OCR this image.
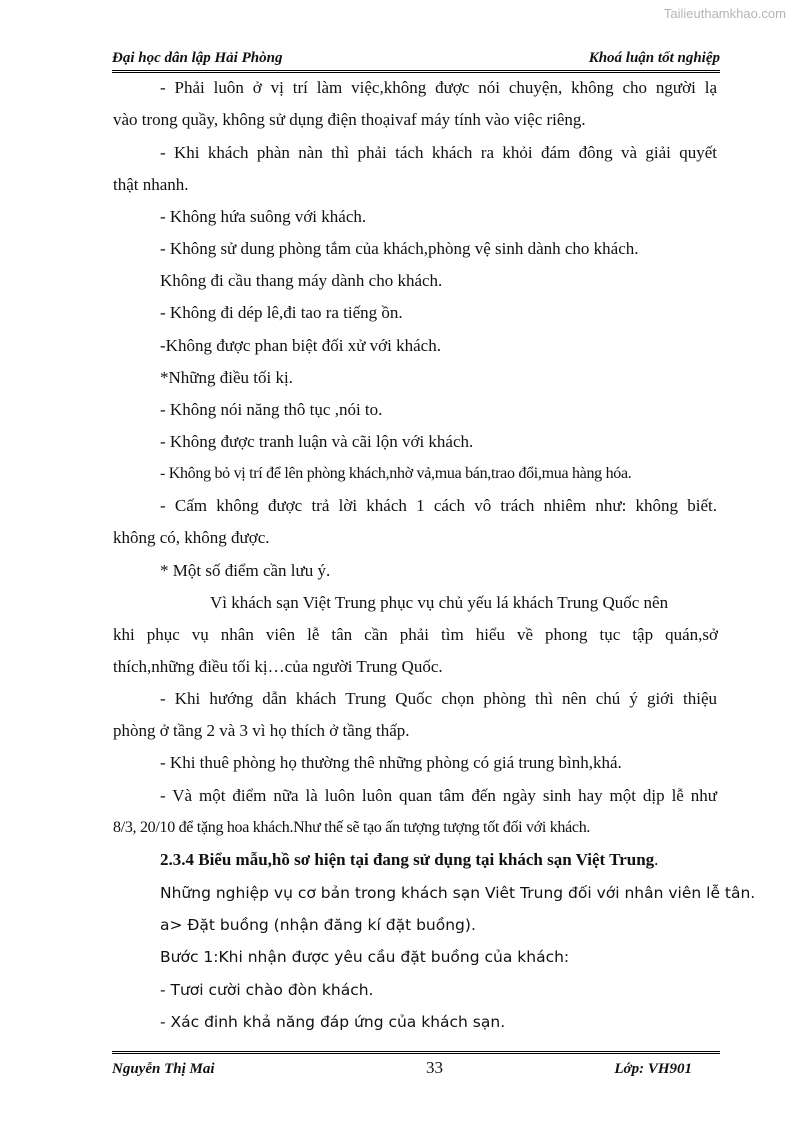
Tailieuthamkhao.com
Đại học dân lập Hải Phòng	Khoá luận tốt nghiệp
- Phải luôn ở vị trí làm việc,không được nói chuyện, không cho người lạ
vào trong quầy, không sử dụng điện thoạivaf máy tính vào việc riêng.
- Khi khách phàn nàn thì phải tách khách ra khỏi đám đông và giải quyết
thật nhanh.
- Không hứa suông với khách.
- Không sử dung phòng tắm của khách,phòng vệ sinh dành cho khách.
Không đi cầu thang máy dành cho khách.
- Không đi dép lê,đi tao ra tiếng ồn.
-Không được phan biệt đối xử với khách.
*Những điều tối kị.
- Không nói năng thô tục ,nói to.
- Không được tranh luận và cãi lộn với khách.
- Không bỏ vị trí để lên phòng khách,nhờ vả,mua bán,trao đổi,mua hàng hóa.
- Cấm không được trả lời khách 1 cách vô trách nhiêm như: không biết.
không có, không được.
* Một số điểm cần lưu ý.
Vì khách sạn Việt Trung phục vụ chủ yếu lá khách Trung Quốc nên
khi phục vụ nhân viên lễ tân cần phải tìm hiểu về phong tục tập quán,sở
thích,những điều tối kị…của người Trung Quốc.
- Khi hướng dẫn khách Trung Quốc chọn phòng thì nên chú ý giới thiệu
phòng ở tầng 2 và 3 vì họ thích ở tầng thấp.
- Khi thuê phòng họ thường thê những phòng có giá trung bình,khá.
- Và một điểm nữa là luôn luôn quan tâm đến ngày sinh hay một dịp lễ như
8/3, 20/10 để tặng hoa khách.Như thế sẽ tạo ấn tượng tượng tốt đối với khách.
2.3.4 Biểu mẫu,hồ sơ hiện tại đang sử dụng tại khách sạn Việt Trung.
Những nghiệp vụ cơ bản trong khách sạn Viêt Trung đối với nhân viên lễ tân.
a> Đặt buồng (nhận đăng kí đặt buồng).
Bước 1:Khi nhận được yêu cầu đặt buồng của khách:
- Tươi cười chào đòn khách.
- Xác đinh khả năng đáp ứng của khách sạn.
Nguyễn Thị Mai	33	Lớp: VH901
